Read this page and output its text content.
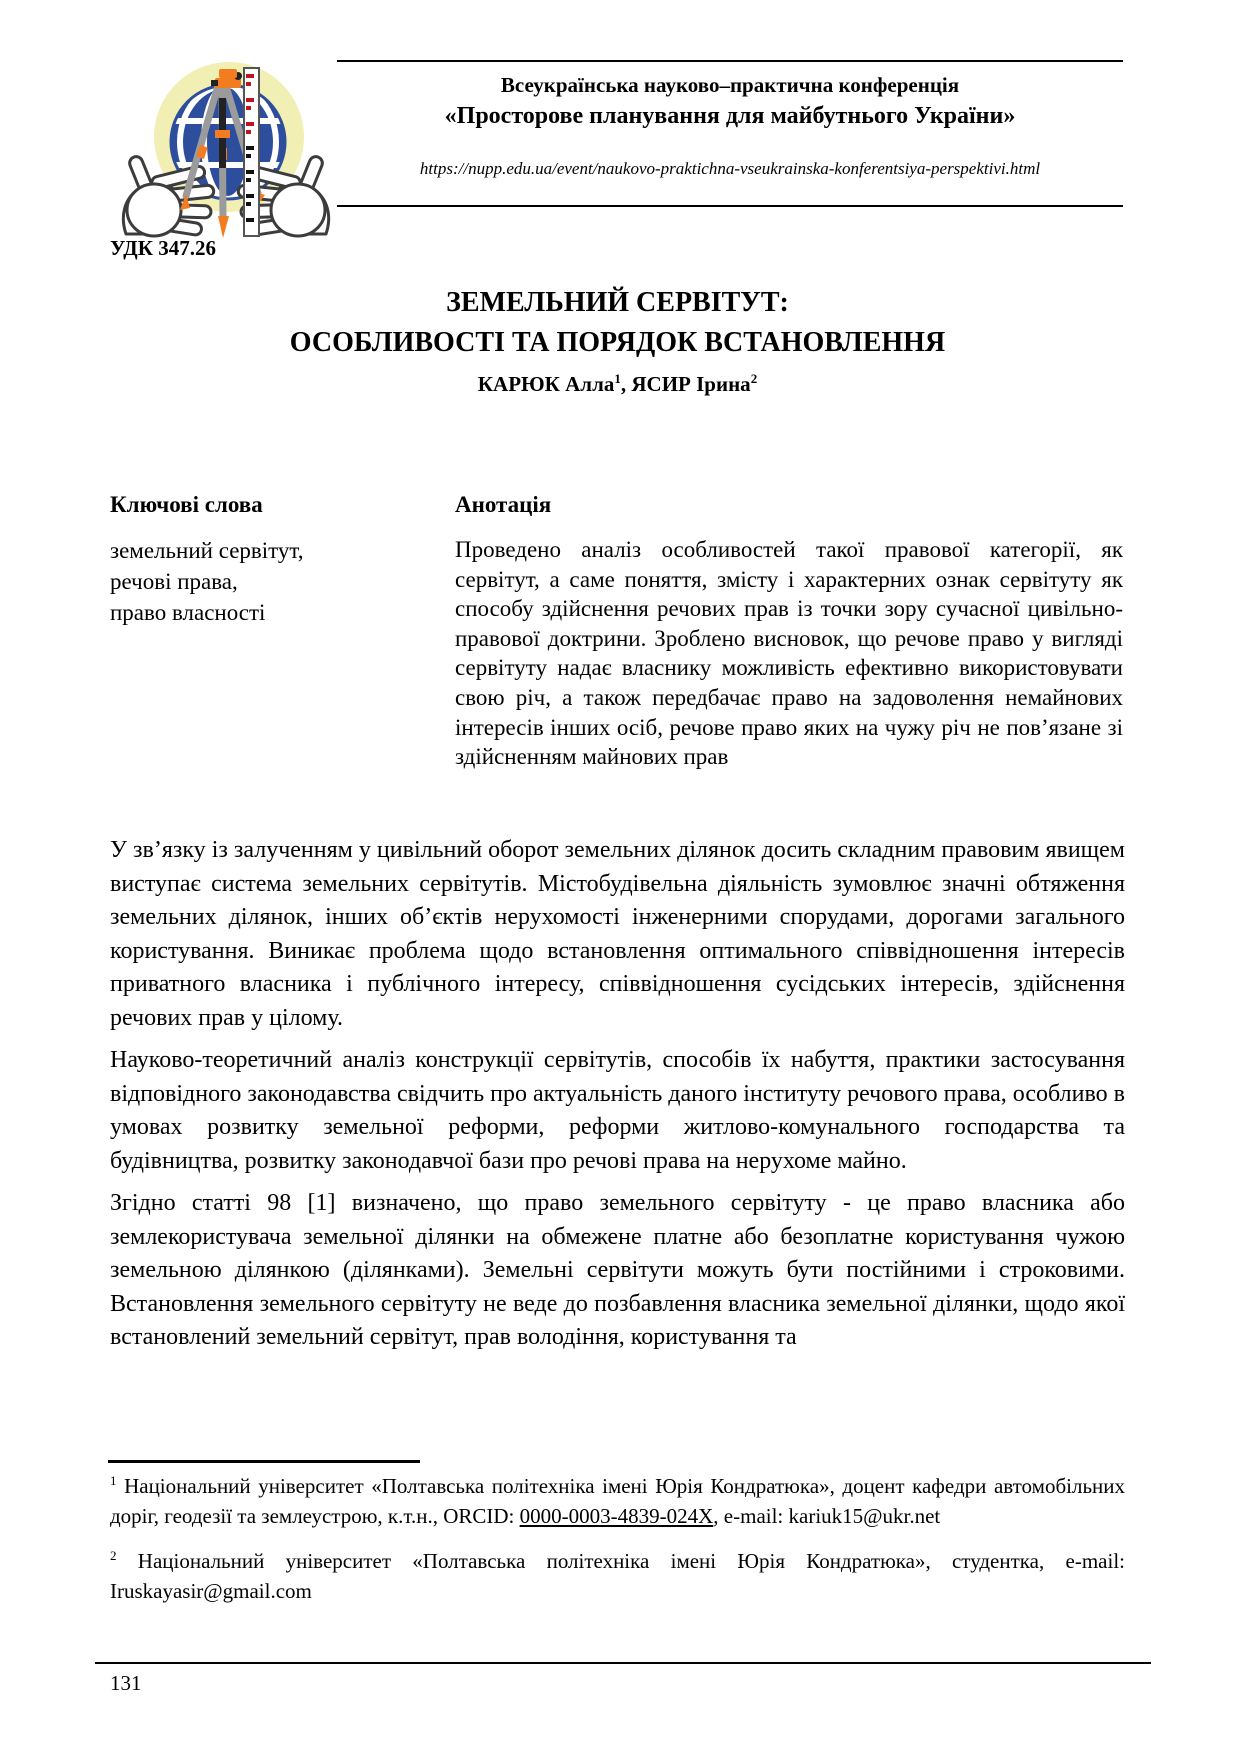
Всеукраїнська науково–практична конференція
«Просторове планування для майбутнього України»
https://nupp.edu.ua/event/naukovo-praktichna-vseukrainska-konferentsiya-perspektivi.html
УДК 347.26
ЗЕМЕЛЬНИЙ СЕРВІТУТ:
ОСОБЛИВОСТІ ТА ПОРЯДОК ВСТАНОВЛЕННЯ
КАРЮК Алла$^1$, ЯСИР Ірина$^2$
Ключові слова
земельний сервітут,
речові права,
право власності
Анотація
Проведено аналіз особливостей такої правової категорії, як сервітут, а саме поняття, змісту і характерних ознак сервітуту як способу здійснення речових прав із точки зору сучасної цивільно-правової доктрини. Зроблено висновок, що речове право у вигляді сервітуту надає власнику можливість ефективно використовувати свою річ, а також передбачає право на задоволення немайнових інтересів інших осіб, речове право яких на чужу річ не пов’язане зі здійсненням майнових прав

У зв’язку із залученням у цивільний оборот земельних ділянок досить складним правовим явищем виступає система земельних сервітутів. Містобудівельна діяльність зумовлює значні обтяження земельних ділянок, інших об’єктів нерухомості інженерними спорудами, дорогами загального користування. Виникає проблема щодо встановлення оптимального співвідношення інтересів приватного власника і публічного інтересу, співвідношення сусідських інтересів, здійснення речових прав у цілому.

Науково-теоретичний аналіз конструкції сервітутів, способів їх набуття, практики застосування відповідного законодавства свідчить про актуальність даного інституту речового права, особливо в умовах розвитку земельної реформи, реформи житлово-комунального господарства та будівництва, розвитку законодавчої бази про речові права на нерухоме майно.

Згідно статті 98 [1] визначено, що право земельного сервітуту - це право власника або землекористувача земельної ділянки на обмежене платне або безоплатне користування чужою земельною ділянкою (ділянками). Земельні сервітути можуть бути постійними і строковими. Встановлення земельного сервітуту не веде до позбавлення власника земельної ділянки, щодо якої встановлений земельний сервітут, прав володіння, користування та

$^1$ Національний університет «Полтавська політехніка імені Юрія Кондратюка», доцент кафедри автомобільних доріг, геодезії та землеустрою, к.т.н., ORCID: 0000-0003-4839-024X, e-mail: kariuk15@ukr.net
$^2$ Національний університет «Полтавська політехніка імені Юрія Кондратюка», студентка, e-mail: Iruskayasir@gmail.com
131
